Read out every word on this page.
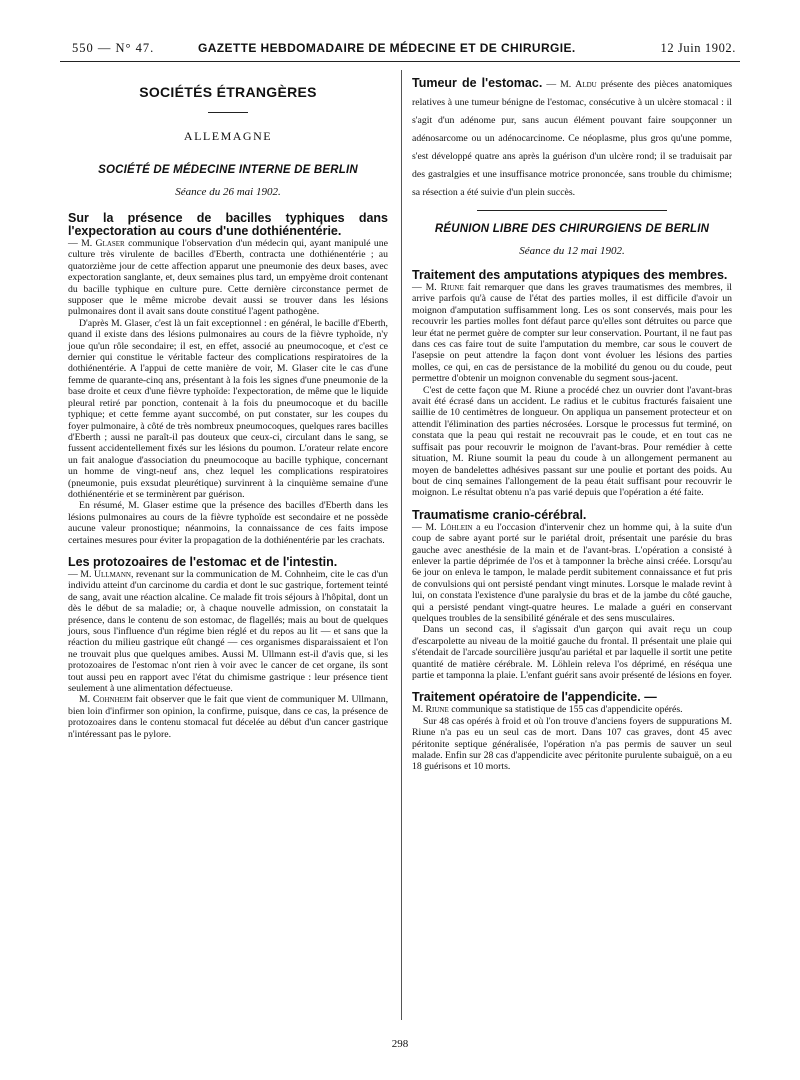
550 — N° 47.	GAZETTE HEBDOMADAIRE DE MÉDECINE ET DE CHIRURGIE.	12 Juin 1902.
SOCIÉTÉS ÉTRANGÈRES
ALLEMAGNE
SOCIÉTÉ DE MÉDECINE INTERNE DE BERLIN
Séance du 26 mai 1902.
Sur la présence de bacilles typhiques dans l'expectoration au cours d'une dothiénentérie.

— M. Glaser communique l'observation d'un médecin qui, ayant manipulé une culture très virulente de bacilles d'Eberth, contracta une dothiénentérie ; au quatorzième jour de cette affection apparut une pneumonie des deux bases, avec expectoration sanglante, et, deux semaines plus tard, un empyème droit contenant du bacille typhique en culture pure. Cette dernière circonstance permet de supposer que le même microbe devait aussi se trouver dans les lésions pulmonaires dont il avait sans doute constitué l'agent pathogène.

D'après M. Glaser, c'est là un fait exceptionnel : en général, le bacille d'Eberth, quand il existe dans des lésions pulmonaires au cours de la fièvre typhoïde, n'y joue qu'un rôle secondaire; il est, en effet, associé au pneumocoque, et c'est ce dernier qui constitue le véritable facteur des complications respiratoires de la dothiénentérie. A l'appui de cette manière de voir, M. Glaser cite le cas d'une femme de quarante-cinq ans, présentant à la fois les signes d'une pneumonie de la base droite et ceux d'une fièvre typhoïde: l'expectoration, de même que le liquide pleural retiré par ponction, contenait à la fois du pneumocoque et du bacille typhique; et cette femme ayant succombé, on put constater, sur les coupes du foyer pulmonaire, à côté de très nombreux pneumocoques, quelques rares bacilles d'Eberth ; aussi ne paraît-il pas douteux que ceux-ci, circulant dans le sang, se fussent accidentellement fixés sur les lésions du poumon. L'orateur relate encore un fait analogue d'association du pneumocoque au bacille typhique, concernant un homme de vingt-neuf ans, chez lequel les complications respiratoires (pneumonie, puis exsudat pleurétique) survinrent à la cinquième semaine d'une dothiénentérie et se terminèrent par guérison.

En résumé, M. Glaser estime que la présence des bacilles d'Eberth dans les lésions pulmonaires au cours de la fièvre typhoïde est secondaire et ne possède aucune valeur pronostique; néanmoins, la connaissance de ces faits impose certaines mesures pour éviter la propagation de la dothiénentérie par les crachats.

Les protozoaires de l'estomac et de l'intestin.

— M. Ullmann, revenant sur la communication de M. Cohnheim, cite le cas d'un individu atteint d'un carcinome du cardia et dont le suc gastrique, fortement teinté de sang, avait une réaction alcaline. Ce malade fit trois séjours à l'hôpital, dont un dès le début de sa maladie; or, à chaque nouvelle admission, on constatait la présence, dans le contenu de son estomac, de flagellés; mais au bout de quelques jours, sous l'influence d'un régime bien réglé et du repos au lit — et sans que la réaction du milieu gastrique eût changé — ces organismes disparaissaient et l'on ne trouvait plus que quelques amibes. Aussi M. Ullmann est-il d'avis que, si les protozoaires de l'estomac n'ont rien à voir avec le cancer de cet organe, ils sont tout aussi peu en rapport avec l'état du chimisme gastrique : leur présence tient seulement à une alimentation défectueuse.

M. Cohnheim fait observer que le fait que vient de communiquer M. Ullmann, bien loin d'infirmer son opinion, la confirme, puisque, dans ce cas, la présence de protozoaires dans le contenu stomacal fut décelée au début d'un cancer gastrique n'intéressant pas le pylore.

Tumeur de l'estomac. — M. Aldu présente des pièces anatomiques relatives à une tumeur bénigne de l'estomac, consécutive à un ulcère stomacal : il s'agit d'un adénome pur, sans aucun élément pouvant faire soupçonner un adénosarcome ou un adénocarcinome. Ce néoplasme, plus gros qu'une pomme, s'est développé quatre ans après la guérison d'un ulcère rond; il se traduisait par des gastralgies et une insuffisance motrice prononcée, sans trouble du chimisme; sa résection a été suivie d'un plein succès.
RÉUNION LIBRE DES CHIRURGIENS DE BERLIN
Séance du 12 mai 1902.
Traitement des amputations atypiques des membres.

— M. Riune fait remarquer que dans les graves traumatismes des membres, il arrive parfois qu'à cause de l'état des parties molles, il est difficile d'avoir un moignon d'amputation suffisamment long. Les os sont conservés, mais pour les recouvrir les parties molles font défaut parce qu'elles sont détruites ou parce que leur état ne permet guère de compter sur leur conservation. Pourtant, il ne faut pas dans ces cas faire tout de suite l'amputation du membre, car sous le couvert de l'asepsie on peut attendre la façon dont vont évoluer les lésions des parties molles, ce qui, en cas de persistance de la mobilité du genou ou du coude, peut permettre d'obtenir un moignon convenable du segment sous-jacent.

C'est de cette façon que M. Riune a procédé chez un ouvrier dont l'avant-bras avait été écrasé dans un accident. Le radius et le cubitus fracturés faisaient une saillie de 10 centimètres de longueur. On appliqua un pansement protecteur et on attendit l'élimination des parties nécrosées. Lorsque le processus fut terminé, on constata que la peau qui restait ne recouvrait pas le coude, et en tout cas ne suffisait pas pour recouvrir le moignon de l'avant-bras. Pour remédier à cette situation, M. Riune soumit la peau du coude à un allongement permanent au moyen de bandelettes adhésives passant sur une poulie et portant des poids. Au bout de cinq semaines l'allongement de la peau était suffisant pour recouvrir le moignon. Le résultat obtenu n'a pas varié depuis que l'opération a été faite.

Traumatisme cranio-cérébral.

— M. Löhlein a eu l'occasion d'intervenir chez un homme qui, à la suite d'un coup de sabre ayant porté sur le pariétal droit, présentait une parésie du bras gauche avec anesthésie de la main et de l'avant-bras. L'opération a consisté à enlever la partie déprimée de l'os et à tamponner la brèche ainsi créée. Lorsqu'au 6e jour on enleva le tampon, le malade perdit subitement connaissance et fut pris de convulsions qui ont persisté pendant vingt minutes. Lorsque le malade revint à lui, on constata l'existence d'une paralysie du bras et de la jambe du côté gauche, qui a persisté pendant vingt-quatre heures. Le malade a guéri en conservant quelques troubles de la sensibilité générale et des sens musculaires.

Dans un second cas, il s'agissait d'un garçon qui avait reçu un coup d'escarpolette au niveau de la moitié gauche du frontal. Il présentait une plaie qui s'étendait de l'arcade sourcilière jusqu'au pariétal et par laquelle il sortit une petite quantité de matière cérébrale. M. Löhlein releva l'os déprimé, en réséqua une partie et tamponna la plaie. L'enfant guérit sans avoir présenté de lésions en foyer.

Traitement opératoire de l'appendicite. —

M. Riune communique sa statistique de 155 cas d'appendicite opérés.

Sur 48 cas opérés à froid et où l'on trouve d'anciens foyers de suppurations M. Riune n'a pas eu un seul cas de mort. Dans 107 cas graves, dont 45 avec péritonite septique généralisée, l'opération n'a pas permis de sauver un seul malade. Enfin sur 28 cas d'appendicite avec péritonite purulente subaiguë, on a eu 18 guérisons et 10 morts.

298
